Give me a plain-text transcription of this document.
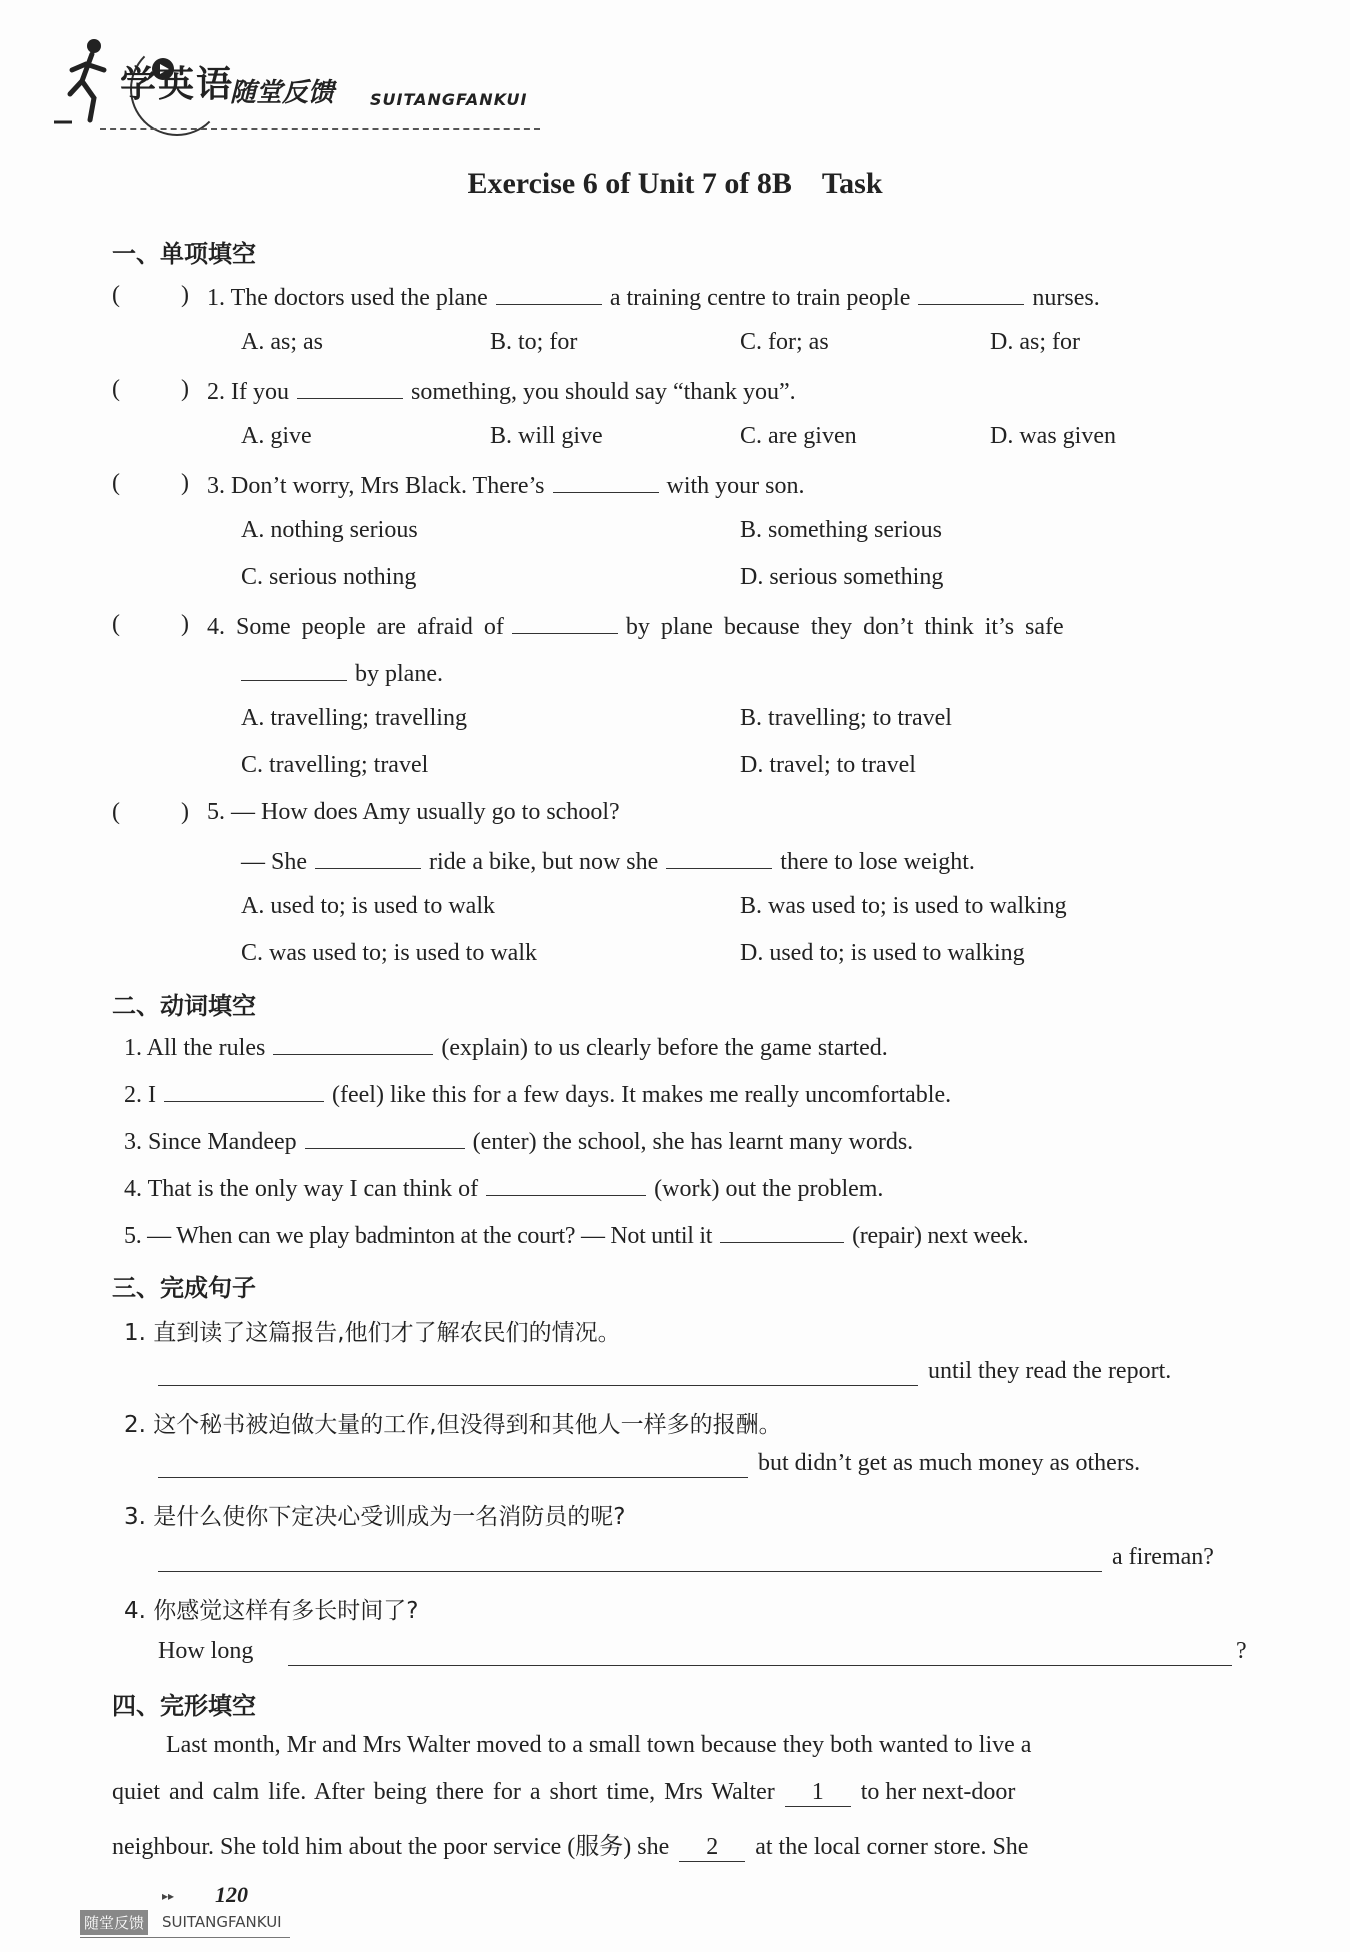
学英语
随堂反馈 SUITANGFANKUI
Exercise 6 of Unit 7 of 8B　Task
一、单项填空
(	) 1. The doctors used the plane	a training centre to train people	nurses.
A. as; as	B. to; for	C. for; as	D. as; for
(	) 2. If you	something, you should say “thank you”.
A. give	B. will give	C. are given	D. was given
(	) 3. Don’t worry, Mrs Black. There’s	with your son.
A. nothing serious	B. something serious
C. serious nothing	D. serious something
(	) 4. Some people are afraid of	by plane because they don’t think it’s safe
by plane.
A. travelling; travelling	B. travelling; to travel
C. travelling; travel	D. travel; to travel
(	) 5. — How does Amy usually go to school?
— She	ride a bike, but now she	there to lose weight.
A. used to; is used to walk	B. was used to; is used to walking
C. was used to; is used to walk	D. used to; is used to walking
二、动词填空
1. All the rules	(explain) to us clearly before the game started.
2. I	(feel) like this for a few days. It makes me really uncomfortable.
3. Since Mandeep	(enter) the school, she has learnt many words.
4. That is the only way I can think of	(work) out the problem.
5. — When can we play badminton at the court? — Not until it	(repair) next week.
三、完成句子
1. 直到读了这篇报告,他们才了解农民们的情况。
until they read the report.
2. 这个秘书被迫做大量的工作,但没得到和其他人一样多的报酬。
but didn’t get as much money as others.
3. 是什么使你下定决心受训成为一名消防员的呢?
a fireman?
4. 你感觉这样有多长时间了?
How long	?
四、完形填空
Last month, Mr and Mrs Walter moved to a small town because they both wanted to live a
quiet and calm life. After being there for a short time, Mrs Walter 1 to her next-door
neighbour. She told him about the poor service (服务) she 2 at the local corner store. She
▸▸ 120
随堂反馈 SUITANGFANKUI
